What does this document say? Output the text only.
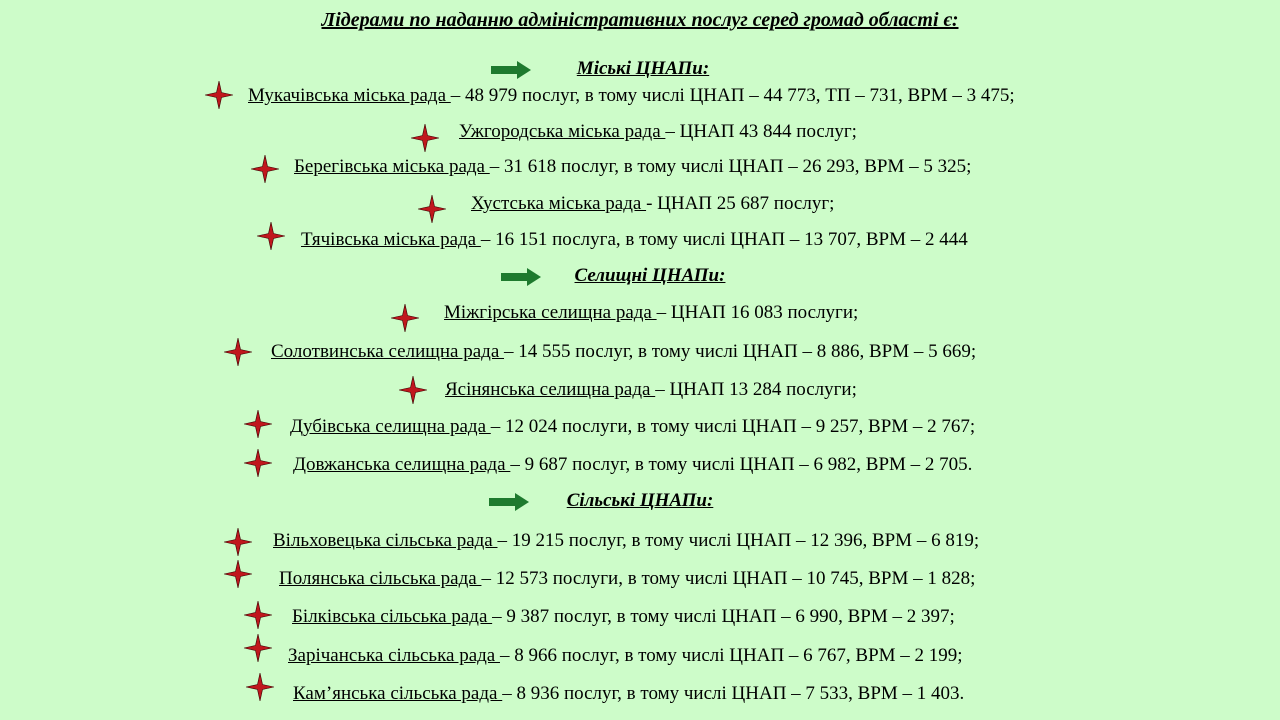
Лідерами по наданню адміністративних послуг серед громад області є:
Міські ЦНАПи:
Мукачівська міська рада – 48 979 послуг, в тому числі ЦНАП – 44 773, ТП – 731, ВРМ – 3 475;
Ужгородська міська рада – ЦНАП 43 844 послуг;
Берегівська міська рада – 31 618 послуг, в тому числі ЦНАП – 26 293, ВРМ – 5 325;
Хустська міська рада - ЦНАП 25 687 послуг;
Тячівська міська рада – 16 151 послуга, в тому числі ЦНАП – 13 707, ВРМ – 2 444
Селищні ЦНАПи:
Міжгірська селищна рада – ЦНАП 16 083 послуги;
Солотвинська селищна рада – 14 555 послуг, в тому числі ЦНАП – 8 886, ВРМ – 5 669;
Ясінянська селищна рада – ЦНАП 13 284 послуги;
Дубівська селищна рада – 12 024 послуги, в тому числі ЦНАП – 9 257, ВРМ – 2 767;
Довжанська селищна рада – 9 687 послуг, в тому числі ЦНАП – 6 982, ВРМ – 2 705.
Сільські ЦНАПи:
Вільховецька сільська рада – 19 215 послуг, в тому числі ЦНАП – 12 396, ВРМ – 6 819;
Полянська сільська рада – 12 573 послуги, в тому числі ЦНАП – 10 745, ВРМ – 1 828;
Білківська сільська рада – 9 387 послуг, в тому числі ЦНАП – 6 990, ВРМ – 2 397;
Зарічанська сільська рада – 8 966 послуг, в тому числі ЦНАП – 6 767, ВРМ – 2 199;
Кам’янська сільська рада – 8 936 послуг, в тому числі ЦНАП – 7 533, ВРМ – 1 403.
